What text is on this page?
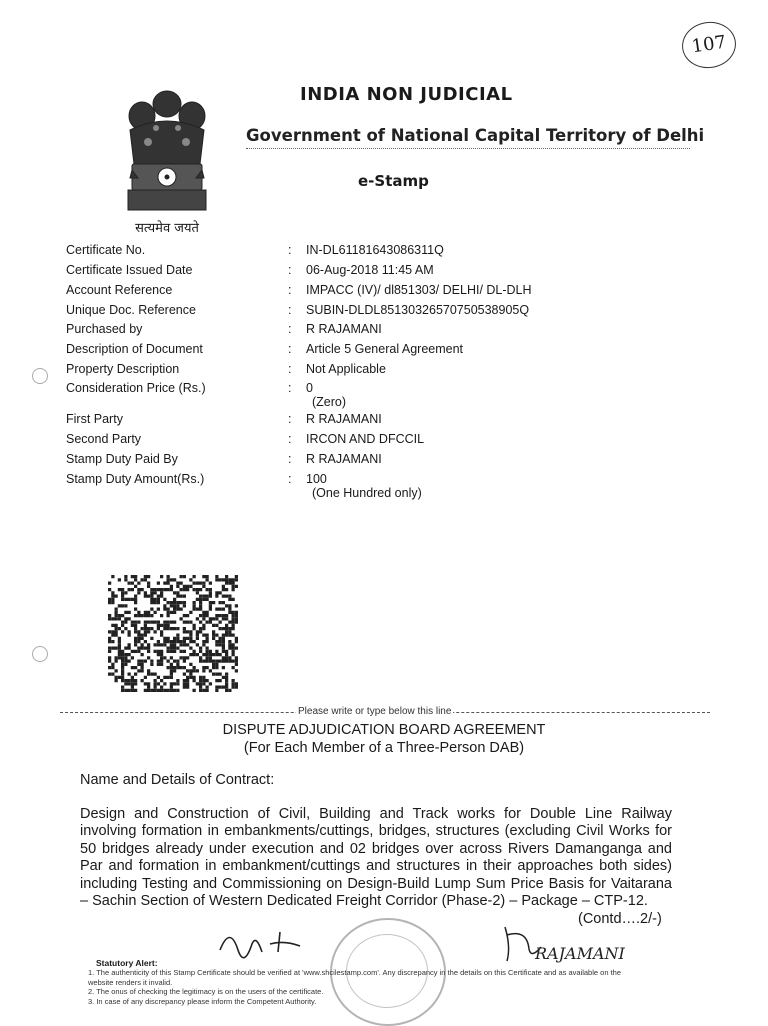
107
सत्यमेव जयते
INDIA NON JUDICIAL
Government of National Capital Territory of Delhi
e-Stamp
Certificate No.	: IN-DL61181643086311Q
Certificate Issued Date	: 06-Aug-2018 11:45 AM
Account Reference	: IMPACC (IV)/ dl851303/ DELHI/ DL-DLH
Unique Doc. Reference	: SUBIN-DLDL85130326570750538905Q
Purchased by	: R RAJAMANI
Description of Document	: Article 5 General Agreement
Property Description	: Not Applicable
Consideration Price (Rs.)	: 0
(Zero)
First Party	: R RAJAMANI
Second Party	: IRCON AND DFCCIL
Stamp Duty Paid By	: R RAJAMANI
Stamp Duty Amount(Rs.)	: 100
(One Hundred only)
Please write or type below this line
DISPUTE ADJUDICATION BOARD AGREEMENT
(For Each Member of a Three-Person DAB)
Name and Details of Contract:

Design and Construction of Civil, Building and Track works for Double Line Railway involving formation in embankments/cuttings, bridges, structures (excluding Civil Works for 50 bridges already under execution and 02 bridges over across Rivers Damanganga and Par and formation in embankment/cuttings and structures in their approaches both sides) including Testing and Commissioning on Design-Build Lump Sum Price Basis for Vaitarana – Sachin Section of Western Dedicated Freight Corridor (Phase-2) – Package – CTP-12.

(Contd….2/-)
RAJAMANI
Statutory Alert:
1. The authenticity of this Stamp Certificate should be verified at 'www.shcilestamp.com'. Any discrepancy in the details on this Certificate and as available on the website renders it invalid.
2. The onus of checking the legitimacy is on the users of the certificate.
3. In case of any discrepancy please inform the Competent Authority.
